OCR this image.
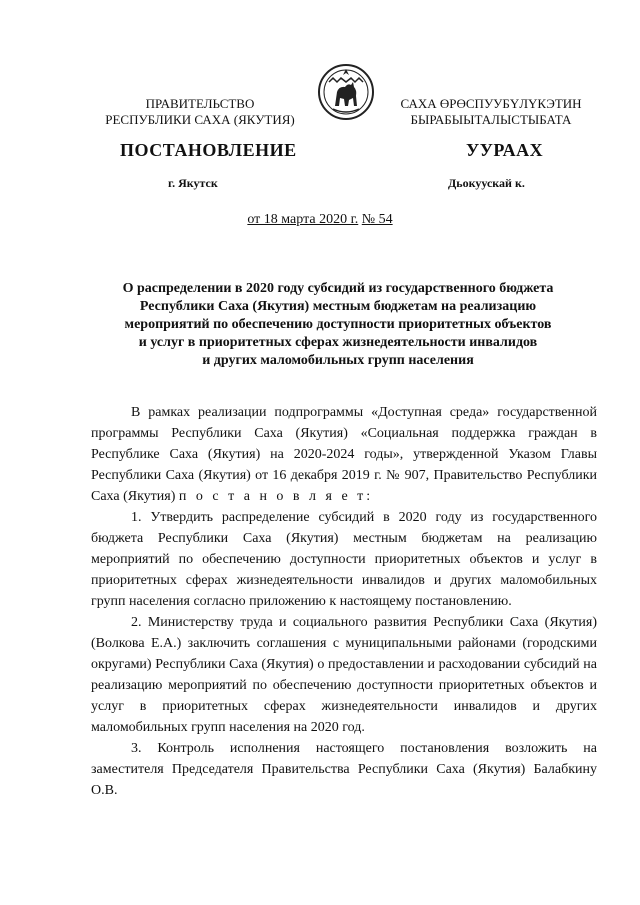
ПРАВИТЕЛЬСТВО
РЕСПУБЛИКИ САХА (ЯКУТИЯ)
САХА ӨРӨСПУУБҮЛҮКЭТИН
БЫРАБЫЫТАЛЫСТЫБАТА
ПОСТАНОВЛЕНИЕ	УУРААХ
г. Якутск	Дьокуускай к.
от 18 марта 2020 г. № 54
О распределении в 2020 году субсидий из государственного бюджета
Республики Саха (Якутия) местным бюджетам на реализацию
мероприятий по обеспечению доступности приоритетных объектов
и услуг в приоритетных сферах жизнедеятельности инвалидов
и других маломобильных групп населения

В рамках реализации подпрограммы «Доступная среда» государственной программы Республики Саха (Якутия) «Социальная поддержка граждан в Республике Саха (Якутия) на 2020-2024 годы», утвержденной Указом Главы Республики Саха (Якутия) от 16 декабря 2019 г. № 907, Правительство Республики Саха (Якутия) п о с т а н о в л я е т:

1. Утвердить распределение субсидий в 2020 году из государственного бюджета Республики Саха (Якутия) местным бюджетам на реализацию мероприятий по обеспечению доступности приоритетных объектов и услуг в приоритетных сферах жизнедеятельности инвалидов и других маломобильных групп населения согласно приложению к настоящему постановлению.

2. Министерству труда и социального развития Республики Саха (Якутия) (Волкова Е.А.) заключить соглашения с муниципальными районами (городскими округами) Республики Саха (Якутия) о предоставлении и расходовании субсидий на реализацию мероприятий по обеспечению доступности приоритетных объектов и услуг в приоритетных сферах жизнедеятельности инвалидов и других маломобильных групп населения на 2020 год.

3. Контроль исполнения настоящего постановления возложить на заместителя Председателя Правительства Республики Саха (Якутия) Балабкину О.В.
